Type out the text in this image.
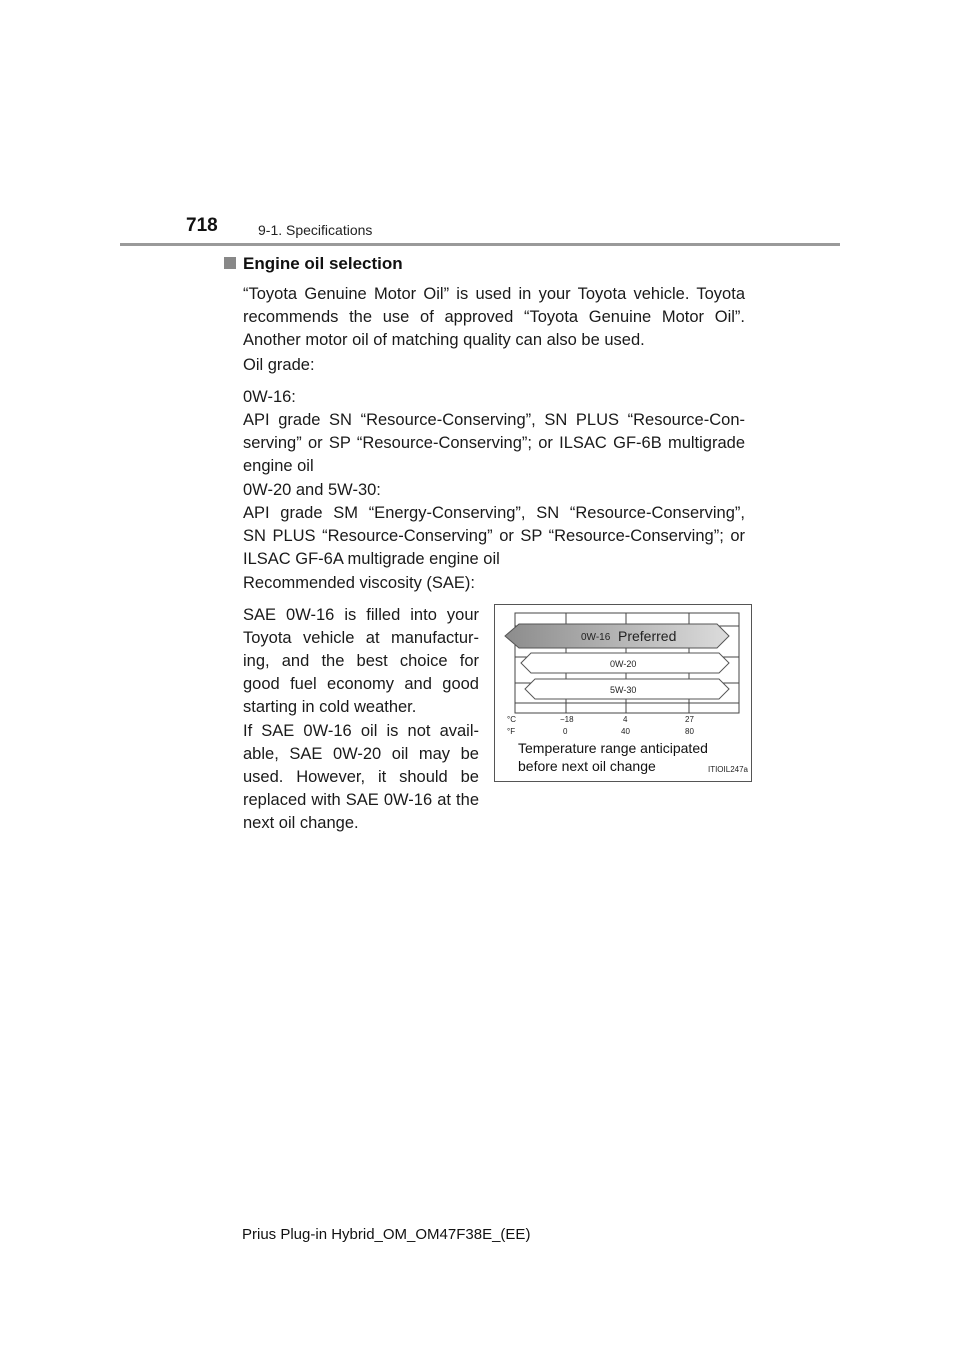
718	9-1. Specifications
Engine oil selection
“Toyota Genuine Motor Oil” is used in your Toyota vehicle. Toyota
recommends the use of approved “Toyota Genuine Motor Oil”.
Another motor oil of matching quality can also be used.
Oil grade:
0W-16:
API grade SN “Resource-Conserving”, SN PLUS “Resource-Con-
serving” or SP “Resource-Conserving”; or ILSAC GF-6B multigrade
engine oil
0W-20 and 5W-30:
API grade SM “Energy-Conserving”, SN “Resource-Conserving”,
SN PLUS “Resource-Conserving” or SP “Resource-Conserving”; or
ILSAC GF-6A multigrade engine oil
Recommended viscosity (SAE):
SAE 0W-16 is filled into your
Toyota vehicle at manufactur-
ing, and the best choice for
good fuel economy and good
starting in cold weather.
If SAE 0W-16 oil is not avail-
able, SAE 0W-20 oil may be
used. However, it should be
replaced with SAE 0W-16 at the
next oil change.
0W-16 Preferred
0W-20
5W-30
°C
°F
−18	4	27
0	40	80
Temperature range anticipated
before next oil change	ITIOIL247a
Prius Plug-in Hybrid_OM_OM47F38E_(EE)
